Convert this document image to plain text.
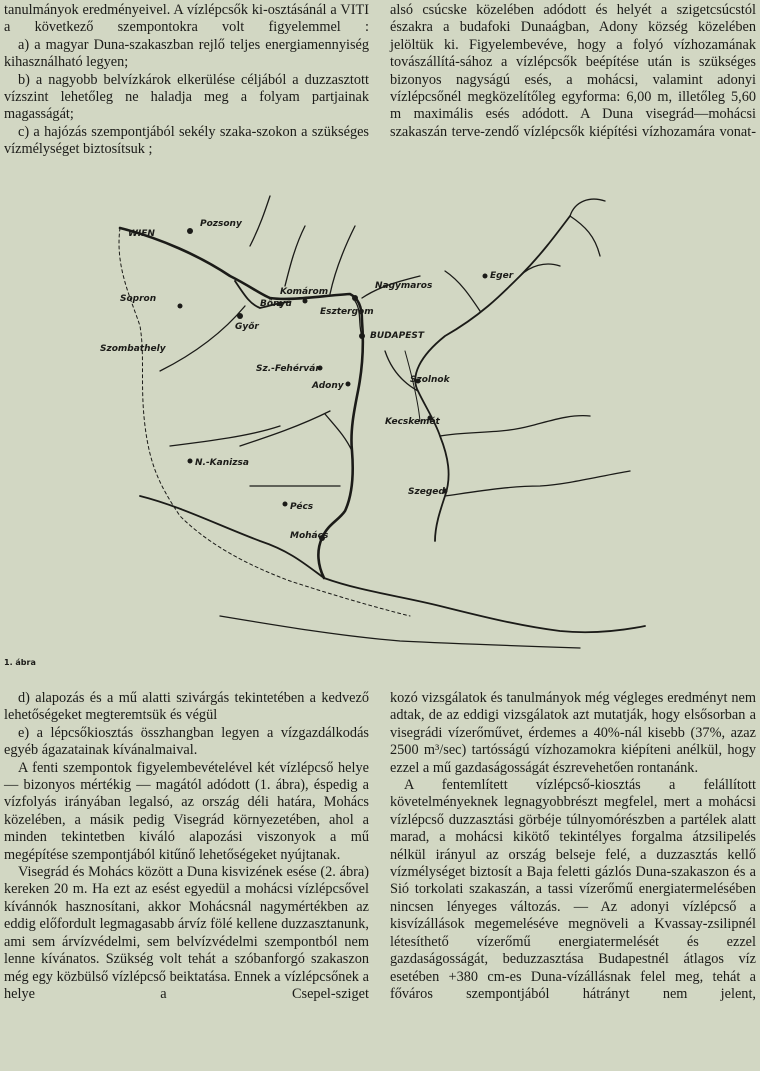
tanulmányok eredményeivel. A vízlépcsők ki-osztásánál a VITI a következő szempontokra volt figyelemmel :

a) a magyar Duna-szakaszban rejlő teljes energiamennyiség kihasználható legyen;

b) a nagyobb belvízkárok elkerülése céljából a duzzasztott vízszint lehetőleg ne haladja meg a folyam partjainak magasságát;

c) a hajózás szempontjából sekély szaka-szokon a szükséges vízmélységet biztosítsuk ;

alsó csúcske közelében adódott és helyét a szigetcsúcstól északra a budafoki Dunaágban, Adony község közelében jelöltük ki. Figyelembevéve, hogy a folyó vízhozamának továszállítá-sához a vízlépcsők beépítése után is szükséges bizonyos nagyságú esés, a mohácsi, valamint adonyi vízlépcsőnél megközelítőleg egyforma: 6,00 m, illetőleg 5,60 m maximális esés adódott. A Duna visegrád—mohácsi szakaszán terve-zendő vízlépcsők kiépítési vízhozamára vonat-

WIEN
Pozsony
Sopron
Szombathely
Győr
Bőnyű
Komárom
Esztergom
Nagymaros
BUDAPEST
Eger
Sz.-Fehérvár
Adony
Szolnok
Kecskemét
N.-Kanizsa
Szeged
Pécs
Mohács
1. ábra

d) alapozás és a mű alatti szivárgás tekintetében a kedvező lehetőségeket megteremtsük és végül

e) a lépcsőkiosztás összhangban legyen a vízgazdálkodás egyéb ágazatainak kívánalmaival.

A fenti szempontok figyelembevételével két vízlépcső helye — bizonyos mértékig — magától adódott (1. ábra), éspedig a vízfolyás irányában legalsó, az ország déli határa, Mohács közelében, a másik pedig Visegrád környezetében, ahol a minden tekintetben kiváló alapozási viszonyok a mű megépítése szempontjából kitűnő lehetőségeket nyújtanak.

Visegrád és Mohács között a Duna kisvizének esése (2. ábra) kereken 20 m. Ha ezt az esést egyedül a mohácsi vízlépcsővel kívánnók hasznosítani, akkor Mohácsnál nagymértékben az eddig előfordult legmagasabb árvíz fölé kellene duzzasztanunk, ami sem árvízvédelmi, sem belvízvédelmi szempontból nem lenne kívánatos. Szükség volt tehát a szóbanforgó szakaszon még egy közbülső vízlépcső beiktatása. Ennek a vízlépcsőnek a helye a Csepel-sziget

kozó vizsgálatok és tanulmányok még végleges eredményt nem adtak, de az eddigi vizsgálatok azt mutatják, hogy elsősorban a visegrádi vízerőművet, érdemes a 40%-nál kisebb (37%, azaz 2500 m³/sec) tartósságú vízhozamokra kiépíteni anélkül, hogy ezzel a mű gazdaságosságát észrevehetően rontanánk.

A fentemlített vízlépcső-kiosztás a felállított követelményeknek legnagyobbrészt megfelel, mert a mohácsi vízlépcső duzzasztási görbéje túlnyomórészben a partélek alatt marad, a mohácsi kikötő tekintélyes forgalma átzsilipelés nélkül irányul az ország belseje felé, a duzzasztás kellő vízmélységet biztosít a Baja feletti gázlós Duna-szakaszon és a Sió torkolati szakaszán, a tassi vízerőmű energiatermelésében nincsen lényeges változás. — Az adonyi vízlépcső a kisvízállások megemeléséve megnöveli a Kvassay-zsilipnél létesíthető vízerőmű energiatermelését és ezzel gazdaságosságát, beduzzasztása Budapestnél átlagos víz esetében +380 cm-es Duna-vízállásnak felel meg, tehát a főváros szempontjából hátrányt nem jelent,
